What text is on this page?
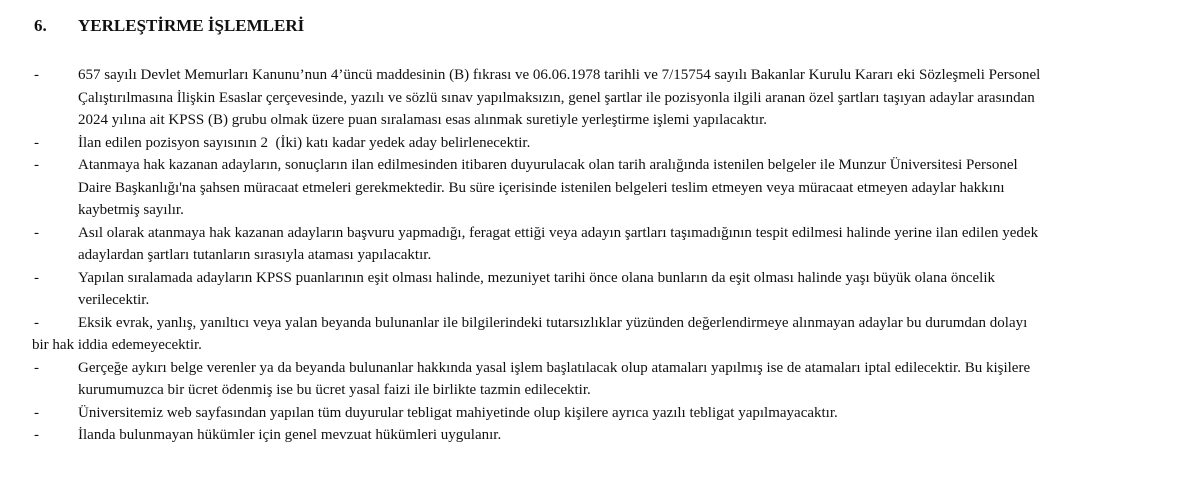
6. YERLEŞTİRME İŞLEMLERİ
-	657 sayılı Devlet Memurları Kanunu’nun 4’üncü maddesinin (B) fıkrası ve 06.06.1978 tarihli ve 7/15754 sayılı Bakanlar Kurulu Kararı eki Sözleşmeli Personel
Çalıştırılmasına İlişkin Esaslar çerçevesinde, yazılı ve sözlü sınav yapılmaksızın, genel şartlar ile pozisyonla ilgili aranan özel şartları taşıyan adaylar arasından
2024 yılına ait KPSS (B) grubu olmak üzere puan sıralaması esas alınmak suretiyle yerleştirme işlemi yapılacaktır.
-	İlan edilen pozisyon sayısının 2  (İki) katı kadar yedek aday belirlenecektir.
-	Atanmaya hak kazanan adayların, sonuçların ilan edilmesinden itibaren duyurulacak olan tarih aralığında istenilen belgeler ile Munzur Üniversitesi Personel
Daire Başkanlığı'na şahsen müracaat etmeleri gerekmektedir. Bu süre içerisinde istenilen belgeleri teslim etmeyen veya müracaat etmeyen adaylar hakkını
kaybetmiş sayılır.
-	Asıl olarak atanmaya hak kazanan adayların başvuru yapmadığı, feragat ettiği veya adayın şartları taşımadığının tespit edilmesi halinde yerine ilan edilen yedek
adaylardan şartları tutanların sırasıyla ataması yapılacaktır.
-	Yapılan sıralamada adayların KPSS puanlarının eşit olması halinde, mezuniyet tarihi önce olana bunların da eşit olması halinde yaşı büyük olana öncelik
verilecektir.
-	Eksik evrak, yanlış, yanıltıcı veya yalan beyanda bulunanlar ile bilgilerindeki tutarsızlıklar yüzünden değerlendirmeye alınmayan adaylar bu durumdan dolayı
bir hak iddia edemeyecektir.
-	Gerçeğe aykırı belge verenler ya da beyanda bulunanlar hakkında yasal işlem başlatılacak olup atamaları yapılmış ise de atamaları iptal edilecektir. Bu kişilere
kurumumuzca bir ücret ödenmiş ise bu ücret yasal faizi ile birlikte tazmin edilecektir.
-	Üniversitemiz web sayfasından yapılan tüm duyurular tebligat mahiyetinde olup kişilere ayrıca yazılı tebligat yapılmayacaktır.
-	İlanda bulunmayan hükümler için genel mevzuat hükümleri uygulanır.
